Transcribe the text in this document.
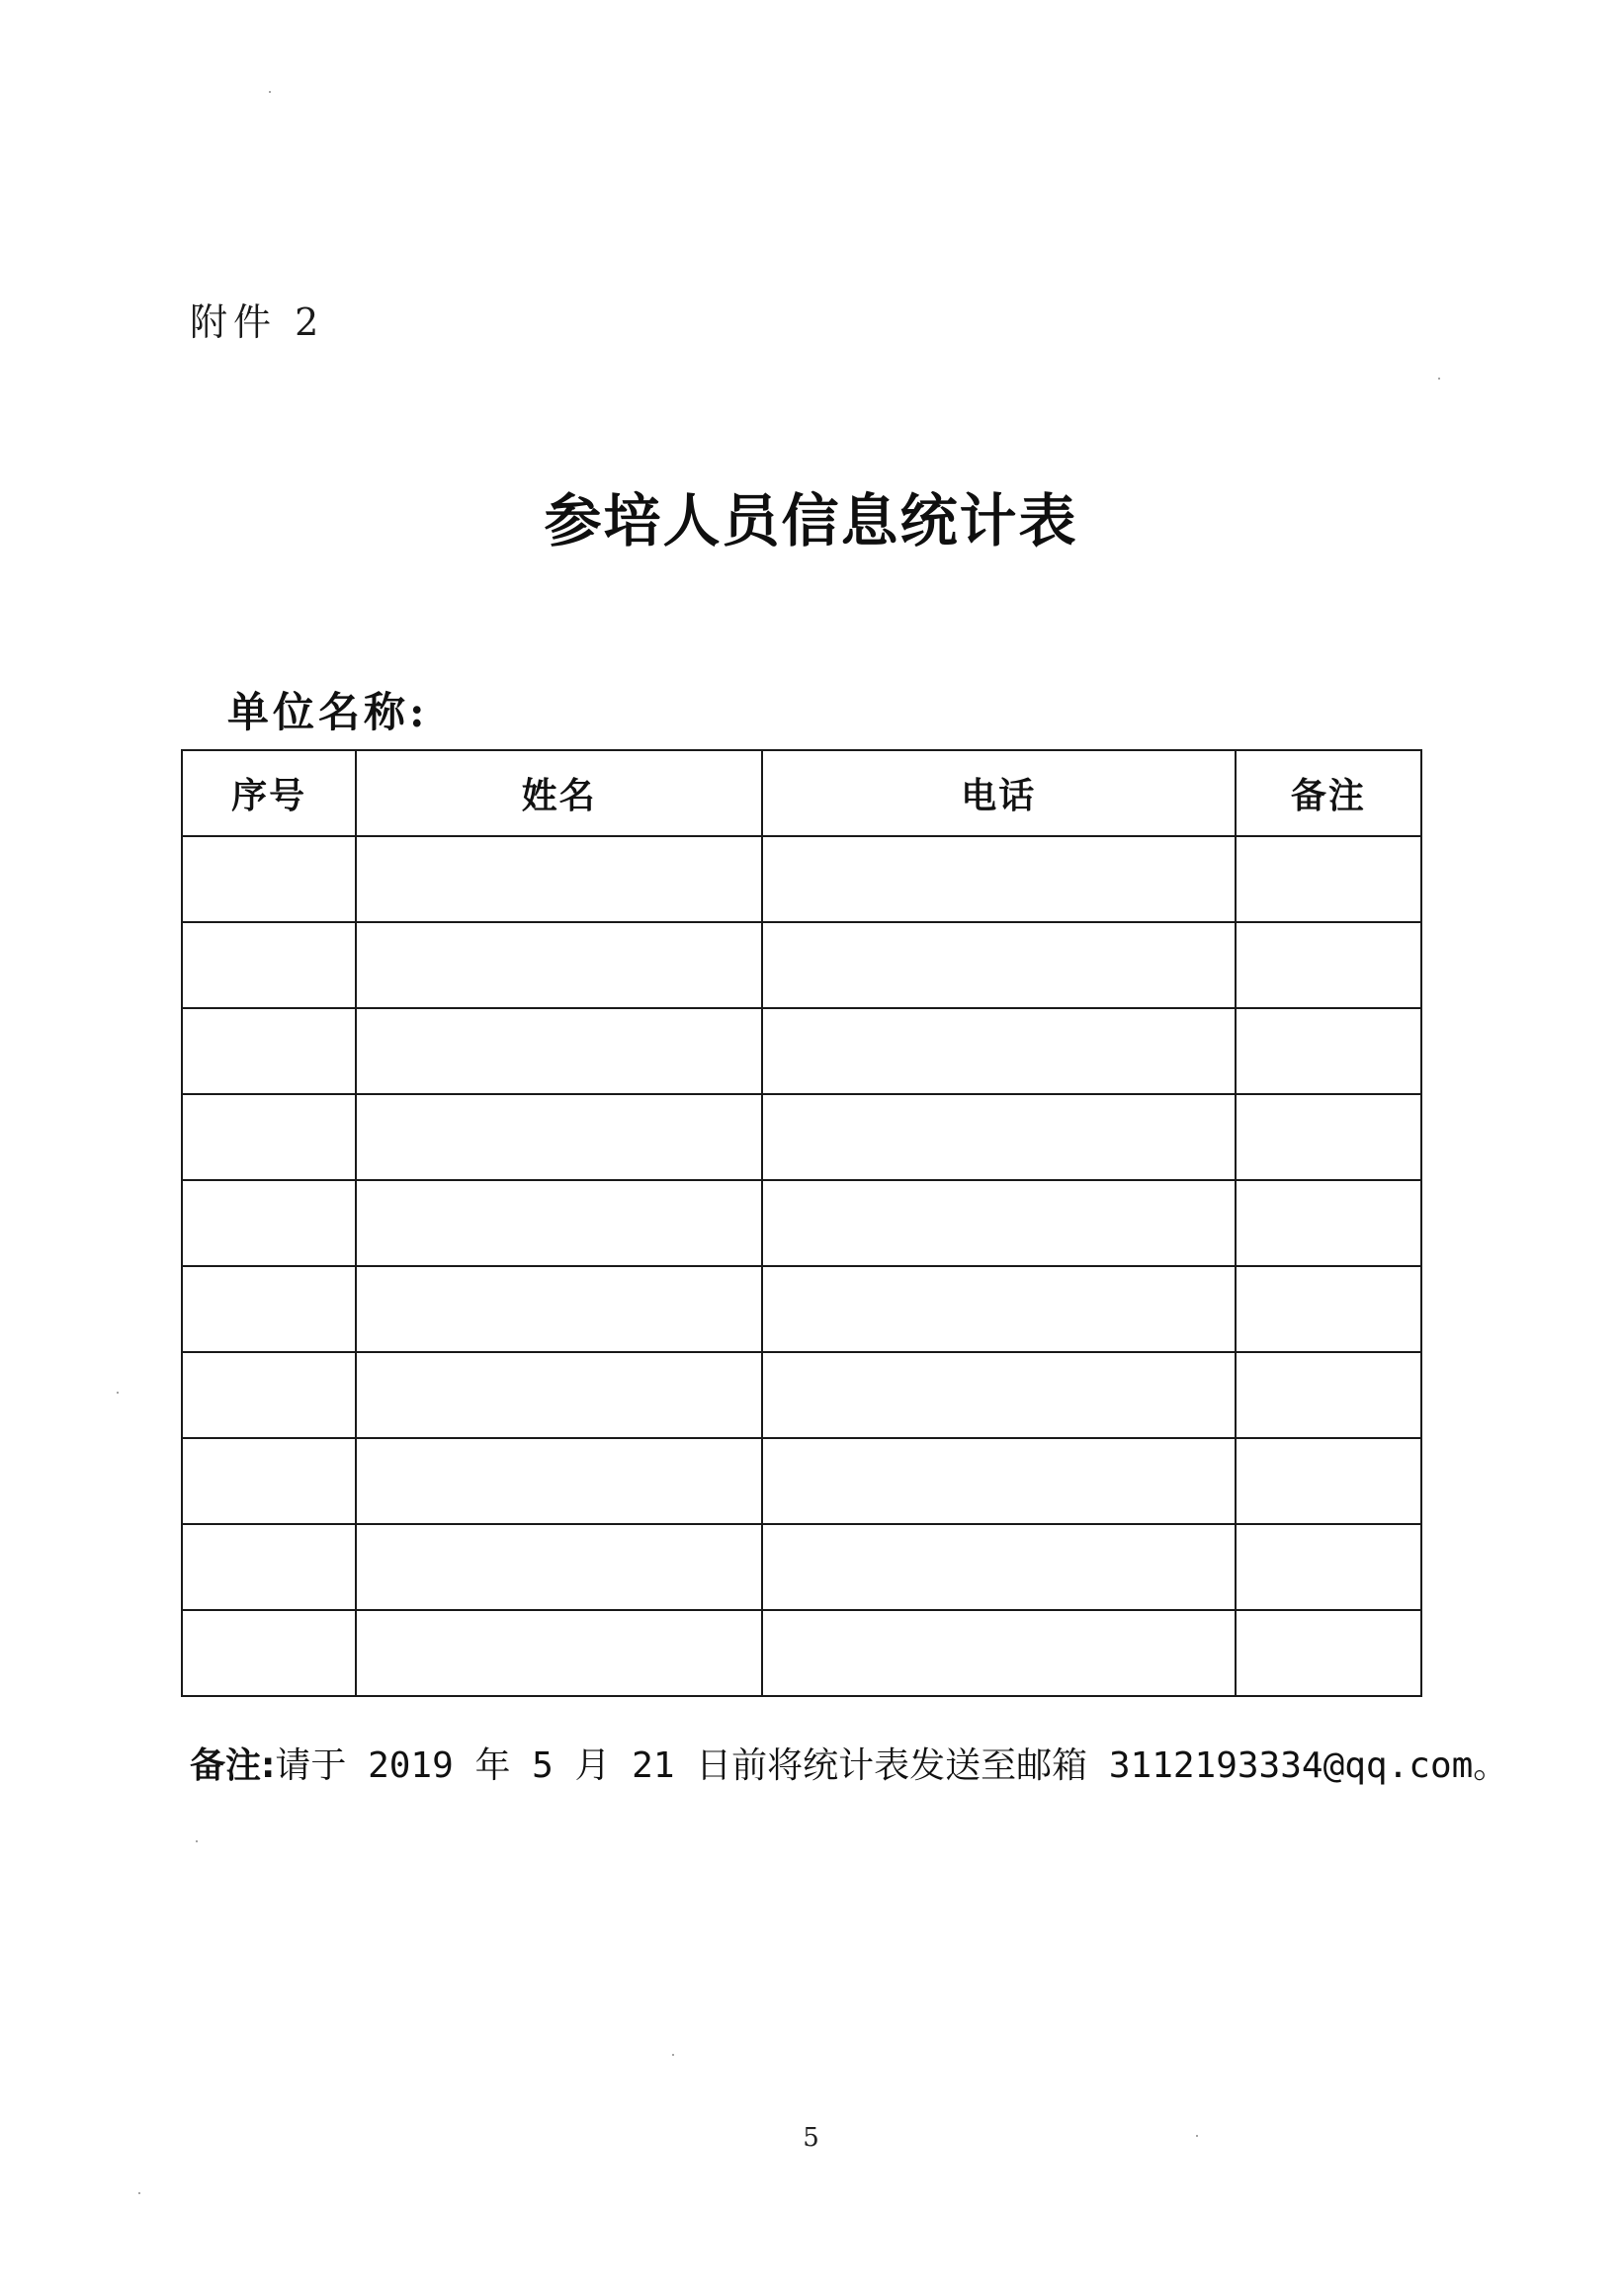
附件 2
参培人员信息统计表
单位名称:
序号	姓名	电话	备注

备注:请于 2019 年 5 月 21 日前将统计表发送至邮箱 3112193334@qq.com。
5
